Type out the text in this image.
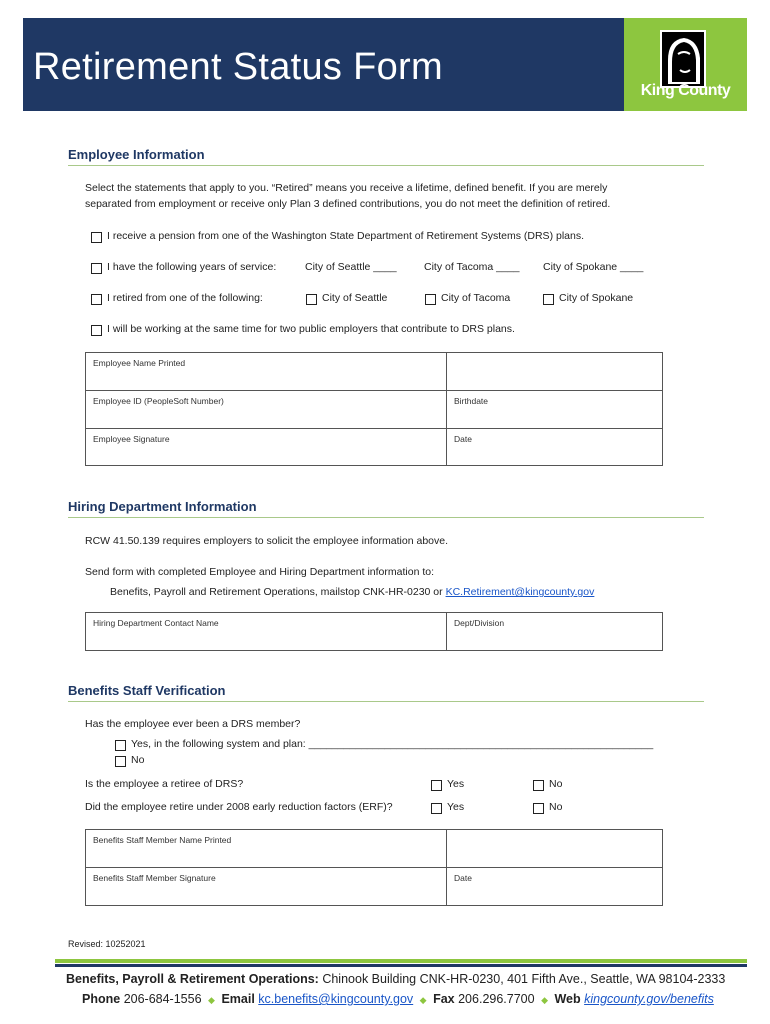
Retirement Status Form
King County
Employee Information
Select the statements that apply to you. “Retired” means you receive a lifetime, defined benefit. If you are merely
separated from employment or receive only Plan 3 defined contributions, you do not meet the definition of retired.
I receive a pension from one of the Washington State Department of Retirement Systems (DRS) plans.
I have the following years of service:	City of Seattle ____	City of Tacoma ____ City of Spokane ____
I retired from one of the following:	City of Seattle	City of Tacoma	City of Spokane
I will be working at the same time for two public employers that contribute to DRS plans.
Employee Name Printed
Employee ID (PeopleSoft Number)	Birthdate
Employee Signature	Date
Hiring Department Information
RCW 41.50.139 requires employers to solicit the employee information above.
Send form with completed Employee and Hiring Department information to:
Benefits, Payroll and Retirement Operations, mailstop CNK-HR-0230 or KC.Retirement@kingcounty.gov
Hiring Department Contact Name	Dept/Division
Benefits Staff Verification
Has the employee ever been a DRS member?
Yes, in the following system and plan: ___________________________________________________________
No
Is the employee a retiree of DRS?	Yes	No
Did the employee retire under 2008 early reduction factors (ERF)?	Yes	No
Benefits Staff Member Name Printed
Benefits Staff Member Signature	Date
Revised: 10252021
Benefits, Payroll & Retirement Operations: Chinook Building CNK-HR-0230, 401 Fifth Ave., Seattle, WA 98104-2333
Phone 206-684-1556 ◆ Email kc.benefits@kingcounty.gov ◆ Fax 206.296.7700 ◆ Web kingcounty.gov/benefits
